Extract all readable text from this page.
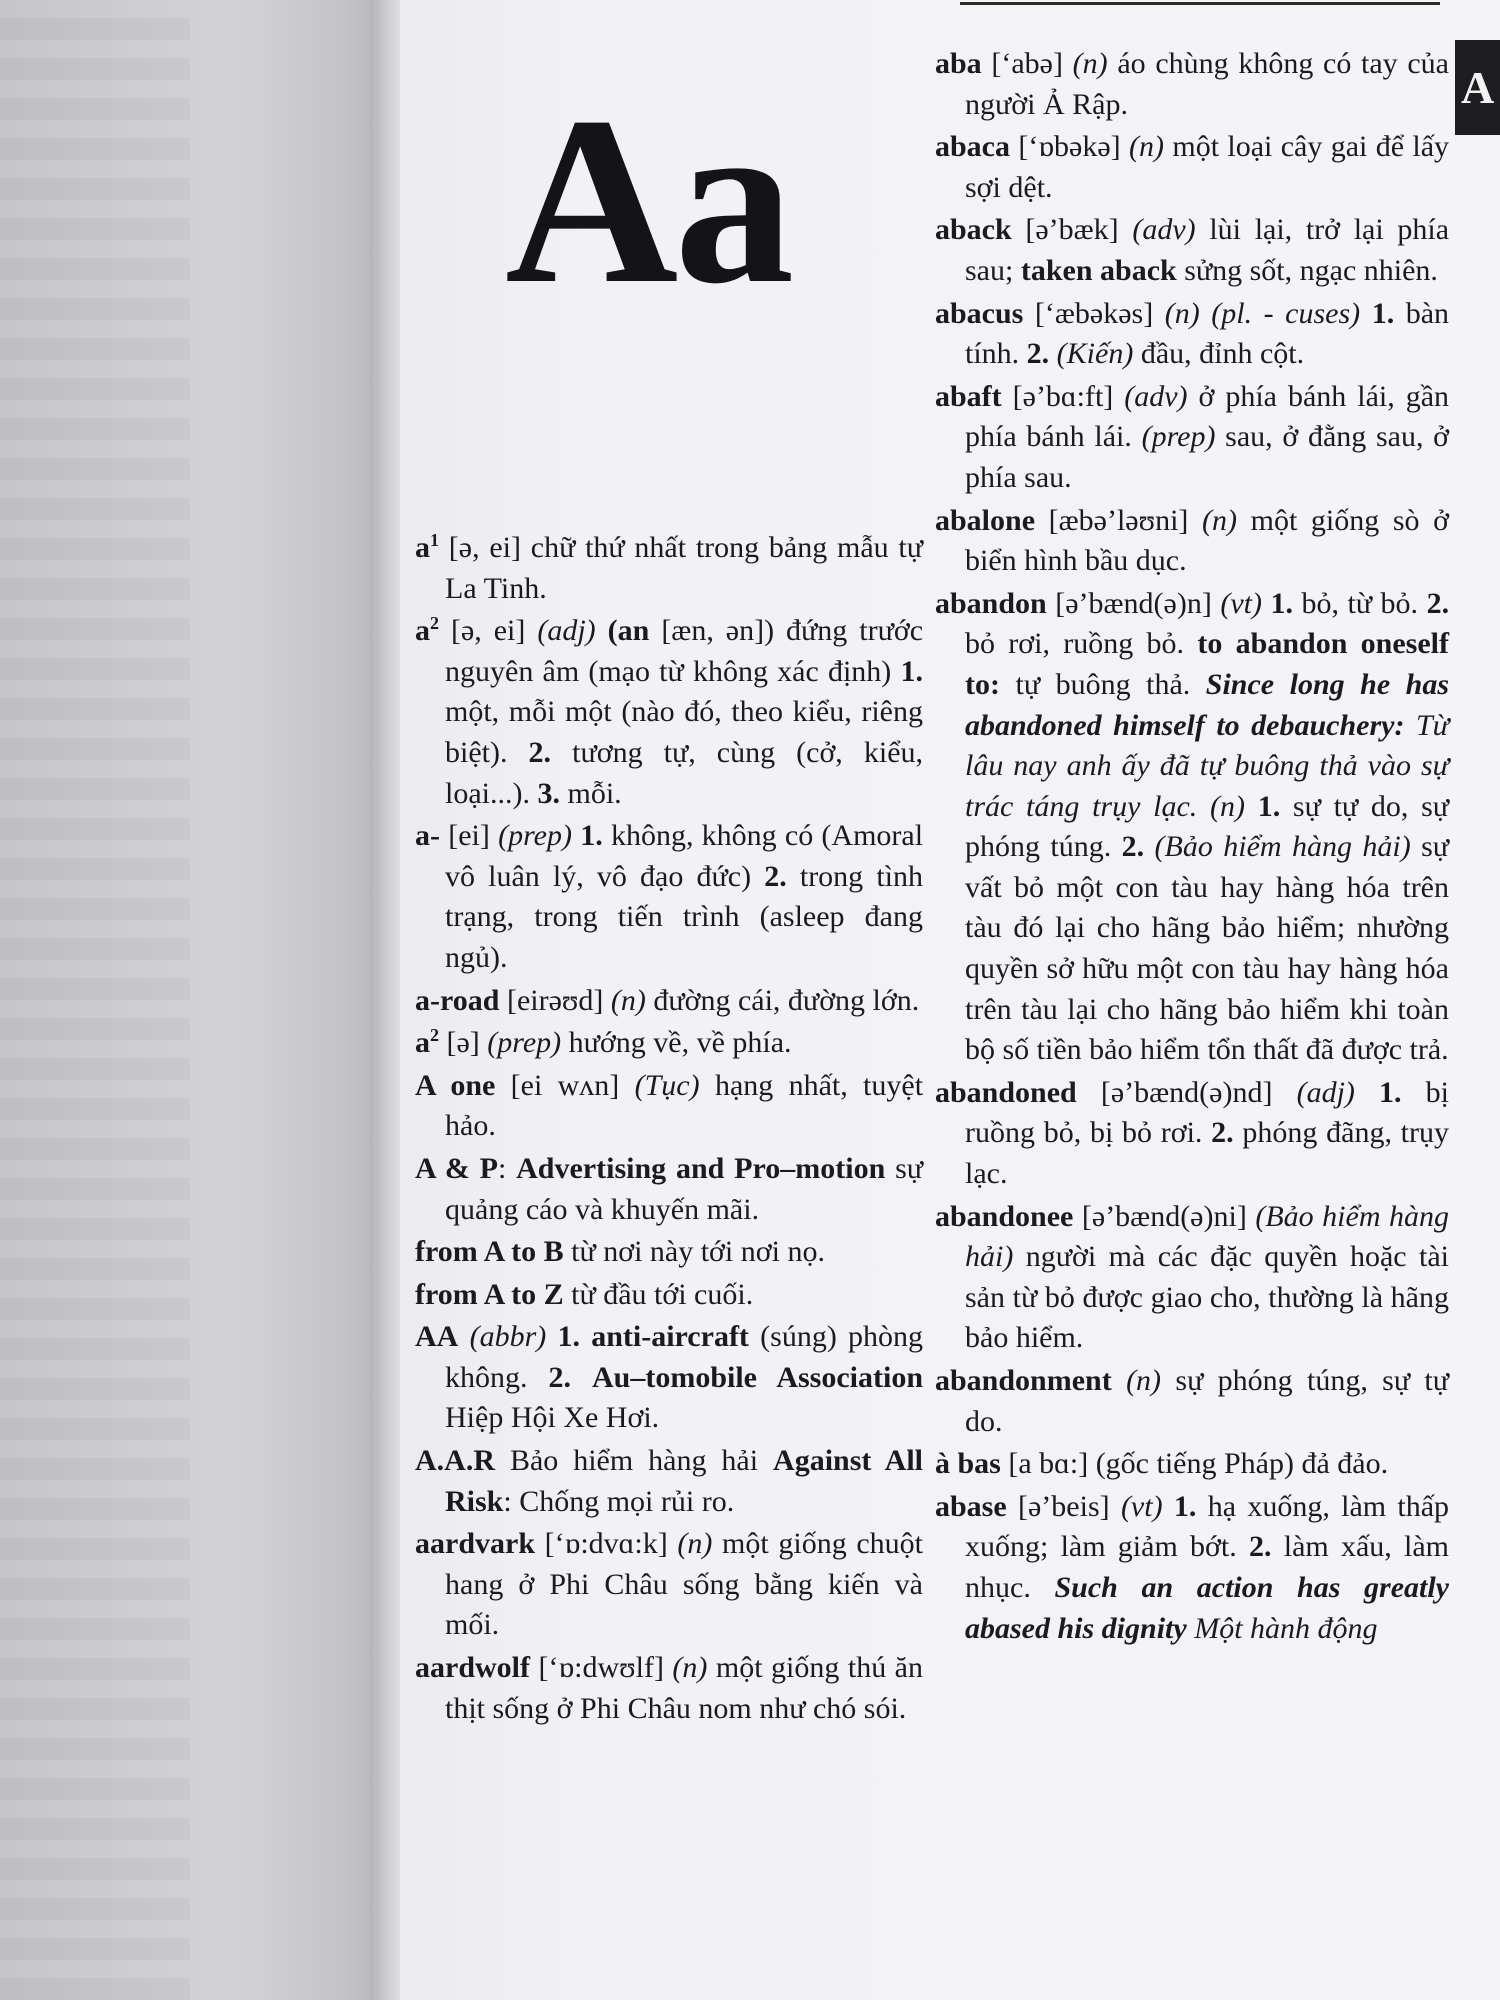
A
Aa

$a^1$ [ə, ei] chữ thứ nhất trong bảng mẫu tự La Tinh.

$a^2$ [ə, ei] (adj) (an [æn, ən]) đứng trước nguyên âm (mạo từ không xác định) 1. một, mỗi một (nào đó, theo kiểu, riêng biệt). 2. tương tự, cùng (cở, kiểu, loại...). 3. mỗi.

a- [ei] (prep) 1. không, không có (Amoral vô luân lý, vô đạo đức) 2. trong tình trạng, trong tiến trình (asleep đang ngủ).

a-road [eirəʊd] (n) đường cái, đường lớn.

$a^2$ [ə] (prep) hướng về, về phía.

A one [ei wʌn] (Tục) hạng nhất, tuyệt hảo.

A & P: Advertising and Pro–motion sự quảng cáo và khuyến mãi.

from A to B từ nơi này tới nơi nọ.

from A to Z từ đầu tới cuối.

AA (abbr) 1. anti-aircraft (súng) phòng không. 2. Au–tomobile Association Hiệp Hội Xe Hơi.

A.A.R Bảo hiểm hàng hải Against All Risk: Chống mọi rủi ro.

aardvark [‘ɒ:dvɑ:k] (n) một giống chuột hang ở Phi Châu sống bằng kiến và mối.

aardwolf [‘ɒ:dwʊlf] (n) một giống thú ăn thịt sống ở Phi Châu nom như chó sói.

aba [‘abə] (n) áo chùng không có tay của người Ả Rập.

abaca [‘ɒbəkə] (n) một loại cây gai để lấy sợi dệt.

aback [ə’bæk] (adv) lùi lại, trở lại phía sau; taken aback sửng sốt, ngạc nhiên.

abacus [‘æbəkəs] (n) (pl. - cuses) 1. bàn tính. 2. (Kiến) đầu, đỉnh cột.

abaft [ə’bɑ:ft] (adv) ở phía bánh lái, gần phía bánh lái. (prep) sau, ở đằng sau, ở phía sau.

abalone [æbə’ləʊni] (n) một giống sò ở biển hình bầu dục.

abandon [ə’bænd(ə)n] (vt) 1. bỏ, từ bỏ. 2. bỏ rơi, ruồng bỏ. to abandon oneself to: tự buông thả. Since long he has abandoned himself to debauchery: Từ lâu nay anh ấy đã tự buông thả vào sự trác táng trụy lạc. (n) 1. sự tự do, sự phóng túng. 2. (Bảo hiểm hàng hải) sự vất bỏ một con tàu hay hàng hóa trên tàu đó lại cho hãng bảo hiểm; nhường quyền sở hữu một con tàu hay hàng hóa trên tàu lại cho hãng bảo hiểm khi toàn bộ số tiền bảo hiểm tổn thất đã được trả.

abandoned [ə’bænd(ə)nd] (adj) 1. bị ruồng bỏ, bị bỏ rơi. 2. phóng đãng, trụy lạc.

abandonee [ə’bænd(ə)ni] (Bảo hiểm hàng hải) người mà các đặc quyền hoặc tài sản từ bỏ được giao cho, thường là hãng bảo hiểm.

abandonment (n) sự phóng túng, sự tự do.

à bas [a bɑ:] (gốc tiếng Pháp) đả đảo.

abase [ə’beis] (vt) 1. hạ xuống, làm thấp xuống; làm giảm bớt. 2. làm xấu, làm nhục. Such an action has greatly abased his dignity Một hành động
